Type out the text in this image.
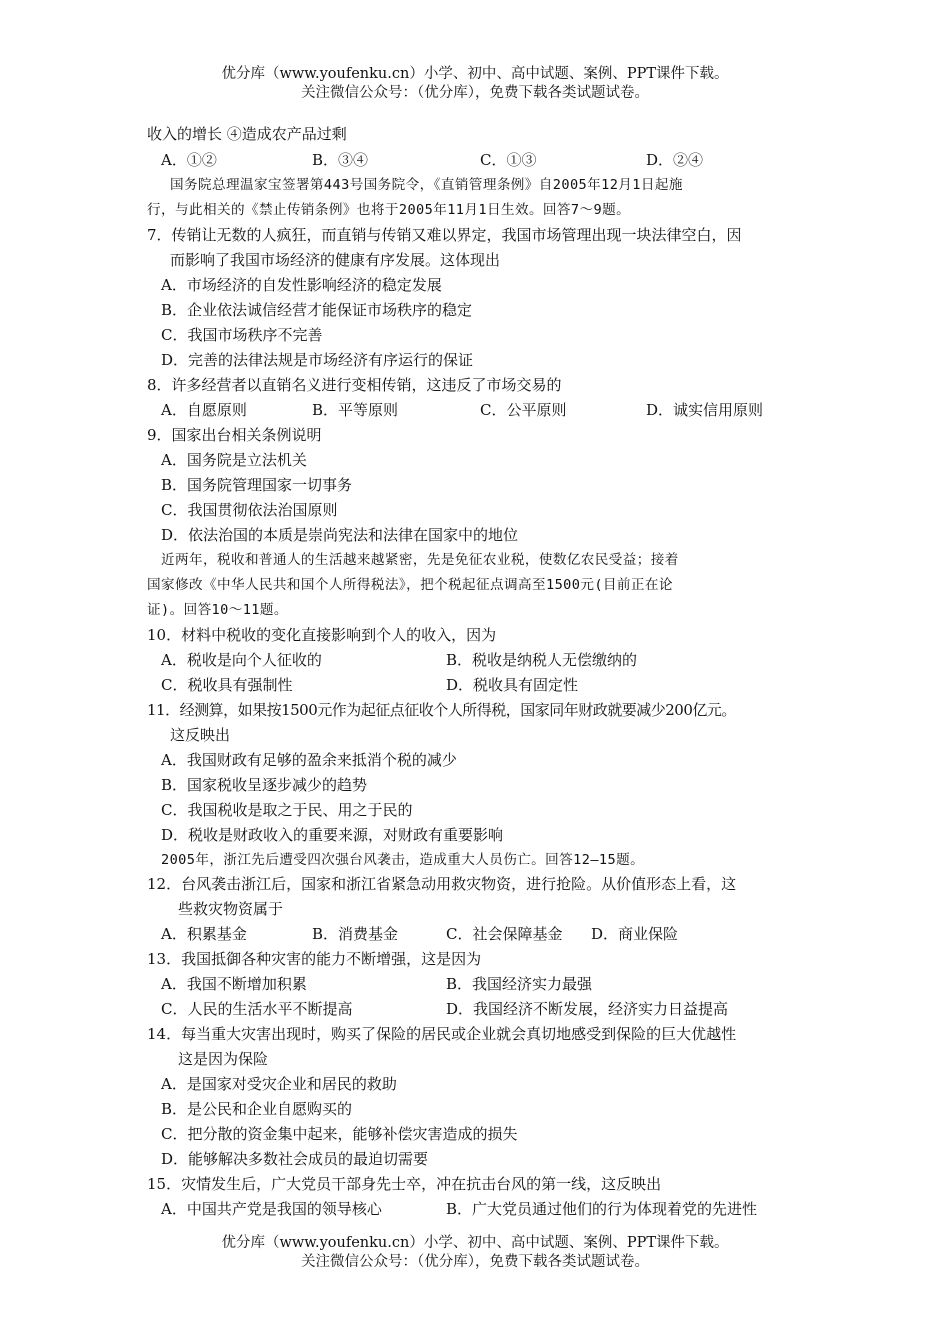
优分库（www.youfenku.cn）小学、初中、高中试题、案例、PPT课件下载。
关注微信公众号：（优分库），免费下载各类试题试卷。
收入的增长 ④造成农产品过剩
A．①②	B．③④	C．①③	D．②④
国务院总理温家宝签署第443号国务院令，《直销管理条例》自2005年12月1日起施
行，与此相关的《禁止传销条例》也将于2005年11月1日生效。回答7～9题。
7．传销让无数的人疯狂，而直销与传销又难以界定，我国市场管理出现一块法律空白，因
而影响了我国市场经济的健康有序发展。这体现出
A．市场经济的自发性影响经济的稳定发展
B．企业依法诚信经营才能保证市场秩序的稳定
C．我国市场秩序不完善
D．完善的法律法规是市场经济有序运行的保证
8．许多经营者以直销名义进行变相传销，这违反了市场交易的
A．自愿原则	B．平等原则	C．公平原则	D．诚实信用原则
9．国家出台相关条例说明
A．国务院是立法机关
B．国务院管理国家一切事务
C．我国贯彻依法治国原则
D．依法治国的本质是崇尚宪法和法律在国家中的地位
近两年，税收和普通人的生活越来越紧密，先是免征农业税，使数亿农民受益；接着
国家修改《中华人民共和国个人所得税法》，把个税起征点调高至1500元(目前正在论
证)。回答10～11题。
10．材料中税收的变化直接影响到个人的收入，因为
A．税收是向个人征收的	B．税收是纳税人无偿缴纳的
C．税收具有强制性	D．税收具有固定性
11．经测算，如果按1500元作为起征点征收个人所得税，国家同年财政就要减少200亿元。
这反映出
A．我国财政有足够的盈余来抵消个税的减少
B．国家税收呈逐步减少的趋势
C．我国税收是取之于民、用之于民的
D．税收是财政收入的重要来源，对财政有重要影响
2005年，浙江先后遭受四次强台风袭击，造成重大人员伤亡。回答12—15题。
12．台风袭击浙江后，国家和浙江省紧急动用救灾物资，进行抢险。从价值形态上看，这
些救灾物资属于
A．积累基金	B．消费基金	C．社会保障基金 D．商业保险
13．我国抵御各种灾害的能力不断增强，这是因为
A．我国不断增加积累	B．我国经济实力最强
C．人民的生活水平不断提高	D．我国经济不断发展，经济实力日益提高
14．每当重大灾害出现时，购买了保险的居民或企业就会真切地感受到保险的巨大优越性
这是因为保险
A．是国家对受灾企业和居民的救助
B．是公民和企业自愿购买的
C．把分散的资金集中起来，能够补偿灾害造成的损失
D．能够解决多数社会成员的最迫切需要
15．灾情发生后，广大党员干部身先士卒，冲在抗击台风的第一线，这反映出
A．中国共产党是我国的领导核心	B．广大党员通过他们的行为体现着党的先进性
优分库（www.youfenku.cn）小学、初中、高中试题、案例、PPT课件下载。
关注微信公众号：（优分库），免费下载各类试题试卷。
